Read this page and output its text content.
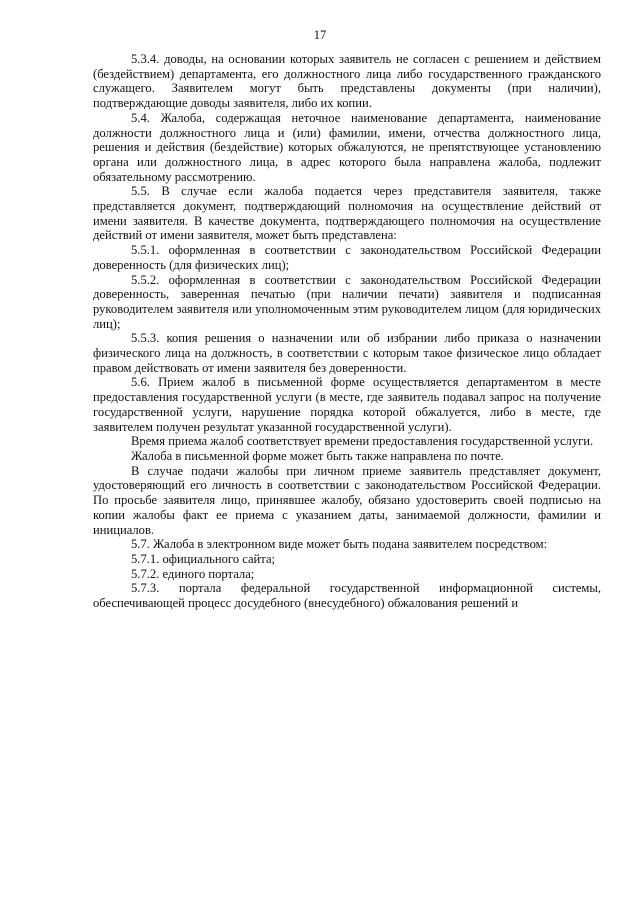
17

5.3.4. доводы, на основании которых заявитель не согласен с решением и действием (бездействием) департамента, его должностного лица либо государственного гражданского служащего. Заявителем могут быть представлены документы (при наличии), подтверждающие доводы заявителя, либо их копии.

5.4. Жалоба, содержащая неточное наименование департамента, наименование должности должностного лица и (или) фамилии, имени, отчества должностного лица, решения и действия (бездействие) которых обжалуются, не препятствующее установлению органа или должностного лица, в адрес которого была направлена жалоба, подлежит обязательному рассмотрению.

5.5. В случае если жалоба подается через представителя заявителя, также представляется документ, подтверждающий полномочия на осуществление действий от имени заявителя. В качестве документа, подтверждающего полномочия на осуществление действий от имени заявителя, может быть представлена:

5.5.1. оформленная в соответствии с законодательством Российской Федерации доверенность (для физических лиц);

5.5.2. оформленная в соответствии с законодательством Российской Федерации доверенность, заверенная печатью (при наличии печати) заявителя и подписанная руководителем заявителя или уполномоченным этим руководителем лицом (для юридических лиц);

5.5.3. копия решения о назначении или об избрании либо приказа о назначении физического лица на должность, в соответствии с которым такое физическое лицо обладает правом действовать от имени заявителя без доверенности.

5.6. Прием жалоб в письменной форме осуществляется департаментом в месте предоставления государственной услуги (в месте, где заявитель подавал запрос на получение государственной услуги, нарушение порядка которой обжалуется, либо в месте, где заявителем получен результат указанной государственной услуги).

Время приема жалоб соответствует времени предоставления государственной услуги.

Жалоба в письменной форме может быть также направлена по почте.

В случае подачи жалобы при личном приеме заявитель представляет документ, удостоверяющий его личность в соответствии с законодательством Российской Федерации. По просьбе заявителя лицо, принявшее жалобу, обязано удостоверить своей подписью на копии жалобы факт ее приема с указанием даты, занимаемой должности, фамилии и инициалов.

5.7. Жалоба в электронном виде может быть подана заявителем посредством:

5.7.1. официального сайта;

5.7.2. единого портала;

5.7.3. портала федеральной государственной информационной системы, обеспечивающей процесс досудебного (внесудебного) обжалования решений и
